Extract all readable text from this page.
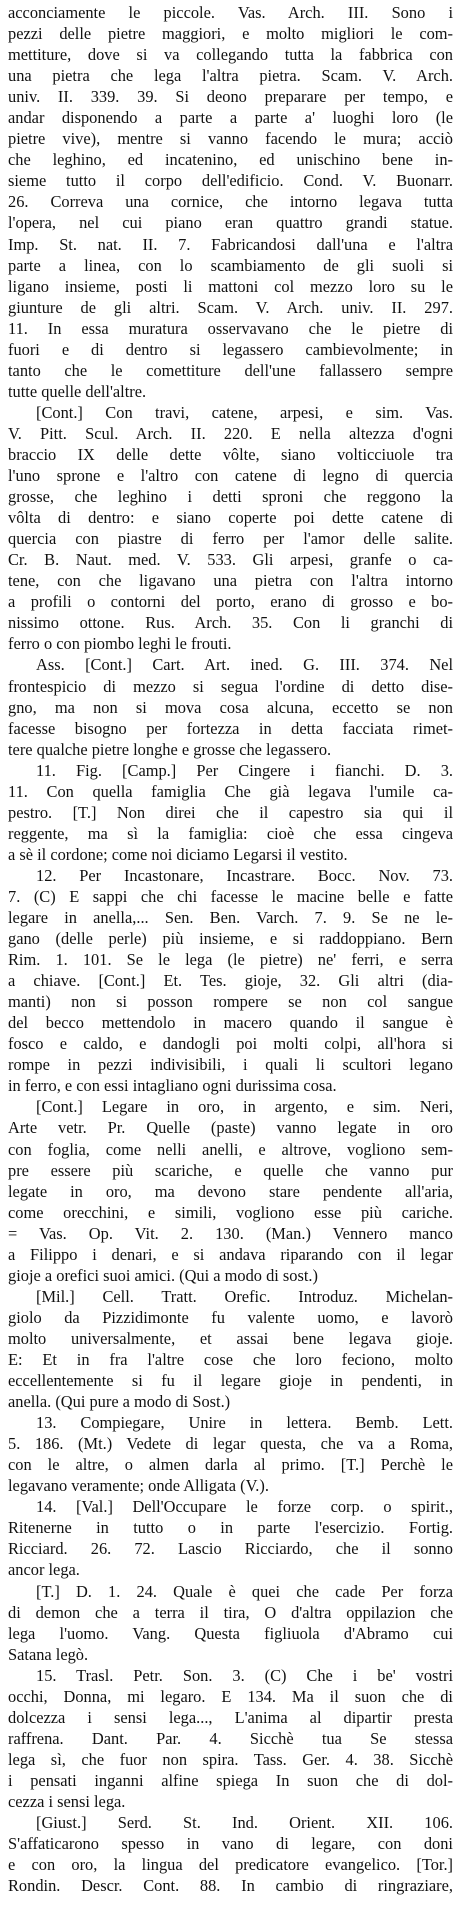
acconciamente le piccole. Vas. Arch. III. Sono i
pezzi delle pietre maggiori, e molto migliori le com-
mettiture, dove si va collegando tutta la fabbrica con
una pietra che lega l'altra pietra. Scam. V. Arch.
univ. II. 339. 39. Si deono preparare per tempo, e
andar disponendo a parte a parte a' luoghi loro (le
pietre vive), mentre si vanno facendo le mura; acciò
che leghino, ed incatenino, ed unischino bene in-
sieme tutto il corpo dell'edificio. Cond. V. Buonarr.
26. Correva una cornice, che intorno legava tutta
l'opera, nel cui piano eran quattro grandi statue.
Imp. St. nat. II. 7. Fabricandosi dall'una e l'altra
parte a linea, con lo scambiamento de gli suoli si
ligano insieme, posti li mattoni col mezzo loro su le
giunture de gli altri. Scam. V. Arch. univ. II. 297.
11. In essa muratura osservavano che le pietre di
fuori e di dentro si legassero cambievolmente; in
tanto che le comettiture dell'une fallassero sempre
tutte quelle dell'altre.
[Cont.] Con travi, catene, arpesi, e sim. Vas.
V. Pitt. Scul. Arch. II. 220. E nella altezza d'ogni
braccio IX delle dette vôlte, siano volticciuole tra
l'uno sprone e l'altro con catene di legno di quercia
grosse, che leghino i detti sproni che reggono la
vôlta di dentro: e siano coperte poi dette catene di
quercia con piastre di ferro per l'amor delle salite.
Cr. B. Naut. med. V. 533. Gli arpesi, granfe o ca-
tene, con che ligavano una pietra con l'altra intorno
a profili o contorni del porto, erano di grosso e bo-
nissimo ottone. Rus. Arch. 35. Con li granchi di
ferro o con piombo leghi le frouti.
Ass. [Cont.] Cart. Art. ined. G. III. 374. Nel
frontespicio di mezzo si segua l'ordine di detto dise-
gno, ma non si mova cosa alcuna, eccetto se non
facesse bisogno per fortezza in detta facciata rimet-
tere qualche pietre longhe e grosse che legassero.
11. Fig. [Camp.] Per Cingere i fianchi. D. 3.
11. Con quella famiglia Che già legava l'umile ca-
pestro. [T.] Non direi che il capestro sia qui il
reggente, ma sì la famiglia: cioè che essa cingeva
a sè il cordone; come noi diciamo Legarsi il vestito.
12. Per Incastonare, Incastrare. Bocc. Nov. 73.
7. (C) E sappi che chi facesse le macine belle e fatte
legare in anella,... Sen. Ben. Varch. 7. 9. Se ne le-
gano (delle perle) più insieme, e si raddoppiano. Bern
Rim. 1. 101. Se le lega (le pietre) ne' ferri, e serra
a chiave. [Cont.] Et. Tes. gioje, 32. Gli altri (dia-
manti) non si posson rompere se non col sangue
del becco mettendolo in macero quando il sangue è
fosco e caldo, e dandogli poi molti colpi, all'hora si
rompe in pezzi indivisibili, i quali li scultori legano
in ferro, e con essi intagliano ogni durissima cosa.
[Cont.] Legare in oro, in argento, e sim. Neri,
Arte vetr. Pr. Quelle (paste) vanno legate in oro
con foglia, come nelli anelli, e altrove, vogliono sem-
pre essere più scariche, e quelle che vanno pur
legate in oro, ma devono stare pendente all'aria,
come orecchini, e simili, vogliono esse più cariche.
= Vas. Op. Vit. 2. 130. (Man.) Vennero manco
a Filippo i denari, e si andava riparando con il legar
gioje a orefici suoi amici. (Qui a modo di sost.)
[Mil.] Cell. Tratt. Orefic. Introduz. Michelan-
giolo da Pizzidimonte fu valente uomo, e lavorò
molto universalmente, et assai bene legava gioje.
E: Et in fra l'altre cose che loro feciono, molto
eccellentemente si fu il legare gioje in pendenti, in
anella. (Qui pure a modo di Sost.)
13. Compiegare, Unire in lettera. Bemb. Lett.
5. 186. (Mt.) Vedete di legar questa, che va a Roma,
con le altre, o almen darla al primo. [T.] Perchè le
legavano veramente; onde Alligata (V.).
14. [Val.] Dell'Occupare le forze corp. o spirit.,
Ritenerne in tutto o in parte l'esercizio. Fortig.
Ricciard. 26. 72. Lascio Ricciardo, che il sonno
ancor lega.
[T.] D. 1. 24. Quale è quei che cade Per forza
di demon che a terra il tira, O d'altra oppilazion che
lega l'uomo. Vang. Questa figliuola d'Abramo cui
Satana legò.
15. Trasl. Petr. Son. 3. (C) Che i be' vostri
occhi, Donna, mi legaro. E 134. Ma il suon che di
dolcezza i sensi lega..., L'anima al dipartir presta
raffrena. Dant. Par. 4. Sicchè tua Se stessa
lega sì, che fuor non spira. Tass. Ger. 4. 38. Sicchè
i pensati inganni alfine spiega In suon che di dol-
cezza i sensi lega.
[Giust.] Serd. St. Ind. Orient. XII. 106.
S'affaticarono spesso in vano di legare, con doni
e con oro, la lingua del predicatore evangelico. [Tor.]
Rondin. Descr. Cont. 88. In cambio di ringraziare,
